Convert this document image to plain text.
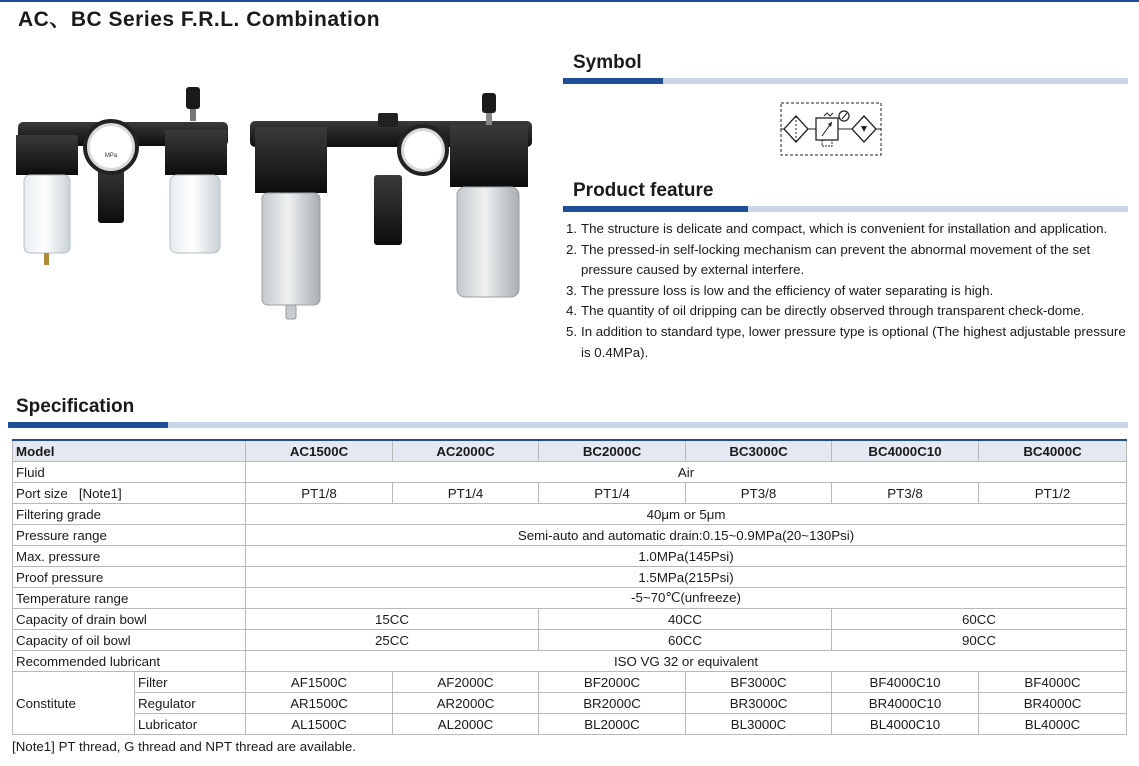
AC、BC Series F.R.L. Combination
MPa
Symbol
Product feature
1. The structure is delicate and compact, which is convenient for installation and application.
2. The pressed-in self-locking mechanism can prevent the abnormal movement of the set pressure caused by external interfere.
3. The pressure loss is low and the efficiency of water separating is high.
4. The quantity of oil dripping can be directly observed through transparent check-dome.
5. In addition to standard type, lower pressure type is optional (The highest adjustable pressure is 0.4MPa).
Specification
Model		AC1500C	AC2000C	BC2000C	BC3000C	BC4000C10	BC4000C
Fluid		Air					
Port size [Note1]		PT1/8	PT1/4	PT1/4	PT3/8	PT3/8	PT1/2
Filtering grade		40μm or 5μm					
Pressure range		Semi-auto and automatic drain:0.15~0.9MPa(20~130Psi)					
Max. pressure		1.0MPa(145Psi)					
Proof pressure		1.5MPa(215Psi)					
Temperature range		-5~70℃(unfreeze)					
Capacity of drain bowl		15CC		40CC		60CC	
Capacity of oil bowl		25CC		60CC		90CC	
Recommended lubricant		ISO VG 32 or equivalent					
Constitute	Filter	AF1500C	AF2000C	BF2000C	BF3000C	BF4000C10	BF4000C
	Regulator	AR1500C	AR2000C	BR2000C	BR3000C	BR4000C10	BR4000C
	Lubricator	AL1500C	AL2000C	BL2000C	BL3000C	BL4000C10	BL4000C
[Note1] PT thread, G thread and NPT thread are available.
